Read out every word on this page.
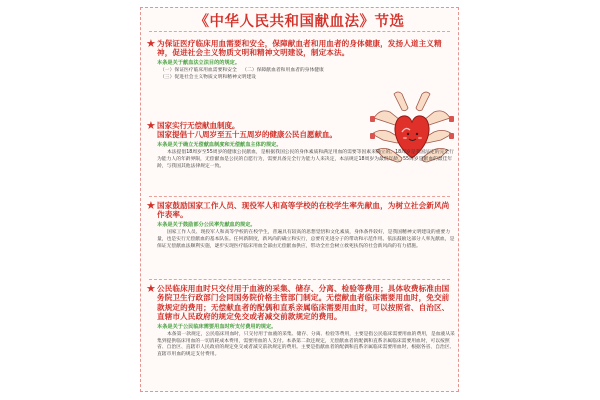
《中华人民共和国献血法》节选
★ 为保证医疗临床用血需要和安全，保障献血者和用血者的身体健康，发扬人道主义精神，促进社会主义物质文明和精神文明建设，制定本法。
本条是关于献血法立法目的的规定。
（一）保证医疗临床用血需要和安全 （二）保障献血者和用血者的身体健康
（三）促进社会主义物质文明和精神文明建设
★ 国家实行无偿献血制度。
国家提倡十八周岁至五十五周岁的健康公民自愿献血。
本条是关于确立无偿献血制度和无偿献血主体的规定。

本法提倡18周岁至55周岁的健康公民献血，是根据我国公民的身体素质和满足用血的需要等因素来确立的。18周岁是我国法定的完全行为能力人的年龄界限，无偿献血是公民的自愿行为，需要具备完全行为能力人来决定，本法规定18周岁为最低年龄，55周岁是献血的最佳年龄，与我国其他法律规定一致。

★ 国家鼓励国家工作人员、现役军人和高等学校的在校学生率先献血，为树立社会新风尚作表率。
本条是关于鼓励部分公民率先献血的规定。

国家工作人员、现役军人和高等学校的在校学生，普遍具有较高的思想觉悟和文化素质，身体条件较好，是我国精神文明建设的重要力量，也是实行无偿献血的基本队伍。任何新制度，新风尚的确立和实行，总要有先进分子的带动和示范作用。依法鼓励这部分人率先献血，是保证无偿献血法顺利实施，逐步实现医疗临床用血全部由无偿献血供应，带动全社会树立救死扶伤的社会新风尚的有力措施。

★ 公民临床用血时只交付用于血液的采集、储存、分离、检验等费用；具体收费标准由国务院卫生行政部门会同国务院价格主管部门制定。无偿献血者临床需要用血时，免交前款规定的费用；无偿献血者的配偶和直系亲属临床需要用血时，可以按照省、自治区、直辖市人民政府的规定免交或者减交前款规定的费用。
本条是关于公民临床需要用血时所支付费用的规定。

本条第一款规定，公民临床用血时，只交付用于血液的采集、储存、分离、检验等费用，主要是指公民临床需要用血的费用，是血液从采集到提供临床用血的一切消耗成本费用，需要用血的人支付。本条第二款还规定，无偿献血者的配偶和直系亲属临床需要用血时，可以按照省、自治区、直辖市人民政府的规定免交或者减交前款规定的费用。主要是指献血者的配偶和直系亲属临床需要用血时，根据各省、自治区、直辖市用血的规定支付费用。
